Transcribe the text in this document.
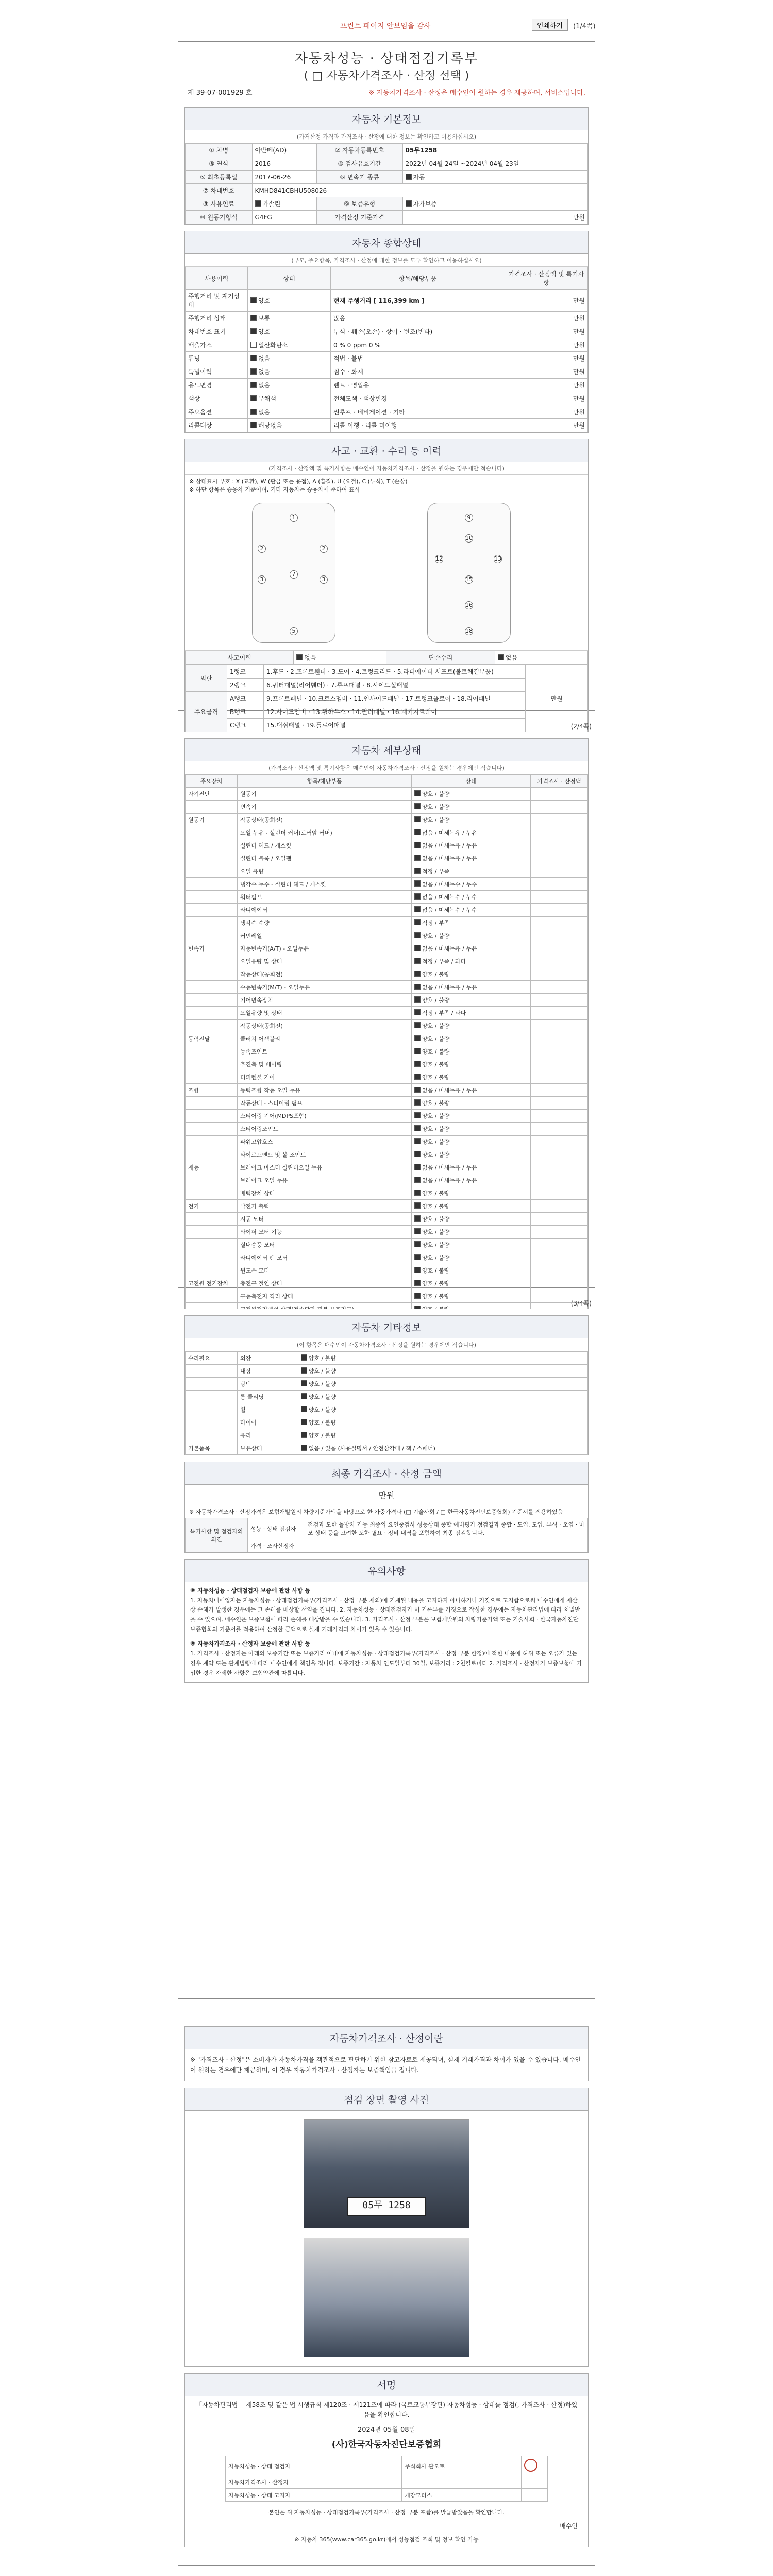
프린트 페이지 안보임을 감사	인쇄하기	(1/4쪽)
자동차성능 · 상태점검기록부
( □ 자동차가격조사 · 산정 선택 )
제 39-07-001929 호	※ 자동차가격조사 · 산정은 매수인이 원하는 경우 제공하며, 서비스입니다.
자동차 기본정보
(가격산정 가격과 가격조사 · 산정에 대한 정보는 확인하고 이용하십시오)
① 차명	아반떼(AD)	② 자동차등록번호	05무1258
③ 연식	2016	④ 검사유효기간	2022년 04월 24일 ~2024년 04월 23일
⑤ 최초등록일	2017-06-26	⑥ 변속기 종류	자동
⑦ 차대번호	KMHD841CBHU508026		
⑧ 사용연료	가솔린	⑨ 보증유형	자가보증
⑩ 원동기형식	G4FG	가격산정 기준가격	만원
자동차 종합상태
(부모, 주요항목, 가격조사 · 산정에 대한 정보를 모두 확인하고 이용하십시오)
사용이력	상태	항목/해당부품	가격조사 · 산정액 및 특기사항
주행거리 및 계기상태	양호	현재 주행거리 [ 116,399 km ]	만원
주행거리 상태	보통	많음	만원
차대번호 표기	양호	부식 · 훼손(오손) · 상이 · 변조(변타)	만원
배출가스	일산화탄소	0 % 0 ppm 0 %	만원
튜닝	없음	적법 · 불법	만원
특별이력	없음	침수 · 화재	만원
용도변경	없음	렌트 · 영업용	만원
색상	무채색	전체도색 · 색상변경	만원
주요옵션	없음	썬루프 · 네비게이션 · 기타	만원
리콜대상	해당없음	리콜 이행 · 리콜 미이행	만원
사고 · 교환 · 수리 등 이력
(가격조사 · 산정액 및 특기사항은 매수인이 자동차가격조사 · 산정을 원하는 경우에만 적습니다)
※ 상태표시 부호 : X (교환), W (판금 또는 용접), A (흠집), U (요철), C (부식), T (손상)
※ 하단 항목은 승용차 기준이며, 기타 자동차는 승용차에 준하여 표시
1
2	2
3	3
7
5
9
10
12	13
15
16
18
사고이력	없음	단순수리	없음
외판	1랭크	1.후드 · 2.프론트휀더 · 3.도어 · 4.트렁크리드 · 5.라디에이터 서포트(볼트체결부품)	만원
	2랭크	6.쿼터패널(리어휀더) · 7.루프패널 · 8.사이드실패널	
주요골격	A랭크	9.프론트패널 · 10.크로스멤버 · 11.인사이드패널 · 17.트렁크플로어 · 18.리어패널	
	B랭크	12.사이드멤버 · 13.휠하우스 · 14.필러패널 · 16.패키지트레이	
	C랭크	15.대쉬패널 · 19.플로어패널		(2/4쪽)
자동차 세부상태
(가격조사 · 산정액 및 특기사항은 매수인이 자동차가격조사 · 산정을 원하는 경우에만 적습니다)
주요장치	항목/해당부품	상태	가격조사 · 산정액
자기진단	원동기	양호 / 불량	
	변속기	양호 / 불량	
원동기	작동상태(공회전)	양호 / 불량	
	오일 누유 - 실린더 커버(로커암 커버)	없음 / 미세누유 / 누유	
	실린더 헤드 / 개스킷	없음 / 미세누유 / 누유	
	실린더 블록 / 오일팬	없음 / 미세누유 / 누유	
	오일 유량	적정 / 부족	
	냉각수 누수 - 실린더 헤드 / 개스킷	없음 / 미세누수 / 누수	
	워터펌프	없음 / 미세누수 / 누수	
	라디에이터	없음 / 미세누수 / 누수	
	냉각수 수량	적정 / 부족	
	커먼레일	양호 / 불량	
변속기	자동변속기(A/T) - 오일누유	없음 / 미세누유 / 누유	
	오일유량 및 상태	적정 / 부족 / 과다	
	작동상태(공회전)	양호 / 불량	
	수동변속기(M/T) - 오일누유	없음 / 미세누유 / 누유	
	기어변속장치	양호 / 불량	
	오일유량 및 상태	적정 / 부족 / 과다	
	작동상태(공회전)	양호 / 불량	
동력전달	클러치 어셈블리	양호 / 불량	
	등속조인트	양호 / 불량	
	추진축 및 베어링	양호 / 불량	
	디퍼렌셜 기어	양호 / 불량	
조향	동력조향 작동 오일 누유	없음 / 미세누유 / 누유	
	작동상태 - 스티어링 펌프	양호 / 불량	
	스티어링 기어(MDPS포함)	양호 / 불량	
	스티어링조인트	양호 / 불량	
	파워고압호스	양호 / 불량	
	타이로드엔드 및 볼 조인트	양호 / 불량	
제동	브레이크 마스터 실린더오일 누유	없음 / 미세누유 / 누유	
	브레이크 오일 누유	없음 / 미세누유 / 누유	
	배력장치 상태	양호 / 불량	
전기	발전기 출력	양호 / 불량	
	시동 모터	양호 / 불량	
	와이퍼 모터 기능	양호 / 불량	
	실내송풍 모터	양호 / 불량	
	라디에이터 팬 모터	양호 / 불량	
	윈도우 모터	양호 / 불량	
고전원 전기장치	충전구 절연 상태	양호 / 불량	
	구동축전지 격리 상태	양호 / 불량	

(3/4쪽)
자동차 기타정보
(이 항목은 매수인이 자동차가격조사 · 산정을 원하는 경우에만 적습니다)
수리필요	외장	양호 / 불량
	내장	양호 / 불량
	광택	양호 / 불량
	룸 클리닝	양호 / 불량
	휠	양호 / 불량
	타이어	양호 / 불량
	유리	양호 / 불량
기본품목	보유상태	없음 / 있음 (사용설명서 / 안전삼각대 / 잭 / 스패너)
최종 가격조사 · 산정 금액
만원
※ 자동차가격조사 · 산정가격은 보험개발원의 차량기준가액을 바탕으로 한 가중가격과 (□ 기술사회 / □ 한국자동차진단보증협회) 기준서를 적용하였음
특기사항 및 점검자의 의견	성능 · 상태 점검자	점검과 도한 돌방차 가능 최종의 요인중검사 성능상태 종합 예비평가 점검결과 종합 · 도입, 도입, 부식 · 오염 · 마모 상태 등을 고려한 도한 필요 · 정비 내역을 포함하여 최종 점검합니다.
	가격 · 조사산정자	
유의사항
※ 자동차성능 · 상태점검자 보증에 관한 사항 등
1. 자동차매매업자는 자동차성능 · 상태점검기록부(가격조사 · 산정 부분 제외)에 기재된 내용을 고지하지 아니하거나 거짓으로 고지함으로써 매수인에게 재산상 손해가 발생한 경우에는 그 손해를 배상할 책임을 집니다. 2. 자동차성능 · 상태점검자가 이 기록부를 거짓으로 작성한 경우에는 자동차관리법에 따라 처벌받을 수 있으며, 매수인은 보증보험에 따라 손해를 배상받을 수 있습니다. 3. 가격조사 · 산정 부분은 보험개발원의 차량기준가액 또는 기술사회 · 한국자동차진단보증협회의 기준서를 적용하여 산정한 금액으로 실제 거래가격과 차이가 있을 수 있습니다.
※ 자동차가격조사 · 산정자 보증에 관한 사항 등
1. 가격조사 · 산정자는 아래의 보증기간 또는 보증거리 이내에 자동차성능 · 상태점검기록부(가격조사 · 산정 부분 한정)에 적힌 내용에 허위 또는 오류가 있는 경우 계약 또는 관계법령에 따라 매수인에게 책임을 집니다. 보증기간 : 자동차 인도일부터 30일, 보증거리 : 2천킬로미터 2. 가격조사 · 산정자가 보증보험에 가입한 경우 자세한 사항은 보험약관에 따릅니다.
자동차가격조사 · 산정이란
※ "가격조사 · 산정"은 소비자가 자동차가격을 객관적으로 판단하기 위한 참고자료로 제공되며, 실제 거래가격과 차이가 있을 수 있습니다. 매수인이 원하는 경우에만 제공하며, 이 경우 자동차가격조사 · 산정자는 보증책임을 집니다.
점검 장면 촬영 사진
05무 1258
서명
「자동차관리법」 제58조 및 같은 법 시행규칙 제120조 · 제121조에 따라 (국토교통부장관) 자동차성능 · 상태를 점검(, 가격조사 · 산정)하였음을 확인합니다.
2024년 05월 08일
(사)한국자동차진단보증협회
자동차성능 · 상태 점검자	주식회사 관오토	
자동차가격조사 · 산정자		
자동차성능 · 상태 고지자	개강모터스	
본인은 위 자동차성능 · 상태점검기록부(가격조사 · 산정 부분 포함)를 발급받았음을 확인합니다.
매수인
※ 자동차 365(www.car365.go.kr)에서 성능점검 조회 및 정보 확인 가능
